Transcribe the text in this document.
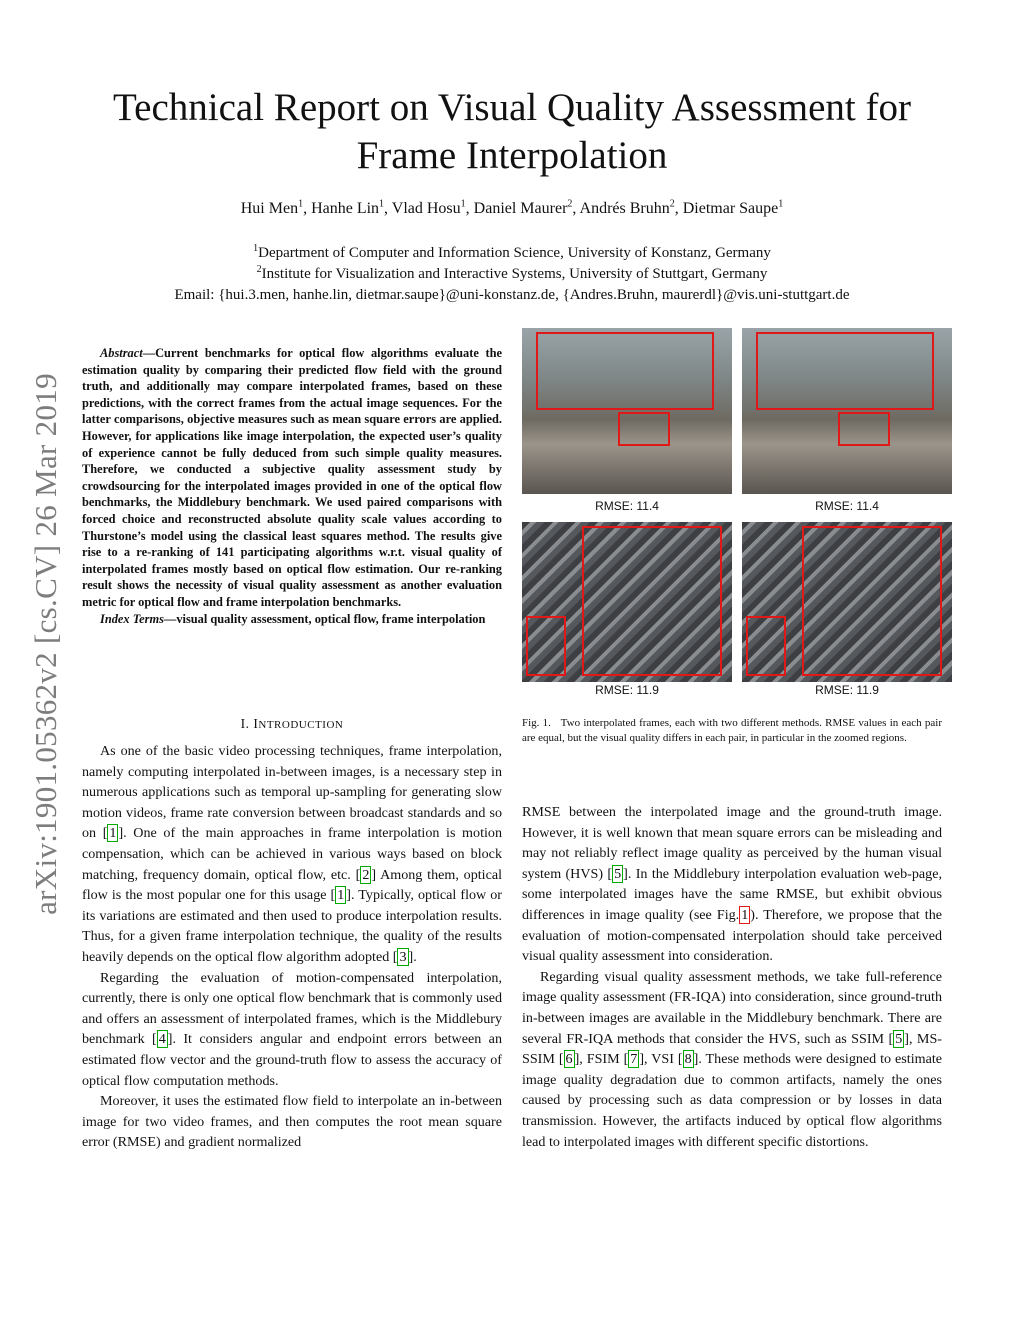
Technical Report on Visual Quality Assessment for
Frame Interpolation
Hui Men$^1$, Hanhe Lin$^1$, Vlad Hosu$^1$, Daniel Maurer$^2$, Andrés Bruhn$^2$, Dietmar Saupe$^1$
$^1$Department of Computer and Information Science, University of Konstanz, Germany
$^2$Institute for Visualization and Interactive Systems, University of Stuttgart, Germany
Email: {hui.3.men, hanhe.lin, dietmar.saupe}@uni-konstanz.de, {Andres.Bruhn, maurerdl}@vis.uni-stuttgart.de
arXiv:1901.05362v2 [cs.CV] 26 Mar 2019

Abstract—Current benchmarks for optical flow algorithms evaluate the estimation quality by comparing their predicted flow field with the ground truth, and additionally may compare interpolated frames, based on these predictions, with the correct frames from the actual image sequences. For the latter comparisons, objective measures such as mean square errors are applied. However, for applications like image interpolation, the expected user’s quality of experience cannot be fully deduced from such simple quality measures. Therefore, we conducted a subjective quality assessment study by crowdsourcing for the interpolated images provided in one of the optical flow benchmarks, the Middlebury benchmark. We used paired comparisons with forced choice and reconstructed absolute quality scale values according to Thurstone’s model using the classical least squares method. The results give rise to a re-ranking of 141 participating algorithms w.r.t. visual quality of interpolated frames mostly based on optical flow estimation. Our re-ranking result shows the necessity of visual quality assessment as another evaluation metric for optical flow and frame interpolation benchmarks.

Index Terms—visual quality assessment, optical flow, frame interpolation

I. INTRODUCTION

As one of the basic video processing techniques, frame interpolation, namely computing interpolated in-between images, is a necessary step in numerous applications such as temporal up-sampling for generating slow motion videos, frame rate conversion between broadcast standards and so on [ 1 ]. One of the main approaches in frame interpolation is motion compensation, which can be achieved in various ways based on block matching, frequency domain, optical flow, etc. [ 2 ] Among them, optical flow is the most popular one for this usage [ 1 ]. Typically, optical flow or its variations are estimated and then used to produce interpolation results. Thus, for a given frame interpolation technique, the quality of the results heavily depends on the optical flow algorithm adopted [ 3 ].

Regarding the evaluation of motion-compensated interpolation, currently, there is only one optical flow benchmark that is commonly used and offers an assessment of interpolated frames, which is the Middlebury benchmark [ 4 ]. It considers angular and endpoint errors between an estimated flow vector and the ground-truth flow to assess the accuracy of optical flow computation methods.

Moreover, it uses the estimated flow field to interpolate an in-between image for two video frames, and then computes the root mean square error (RMSE) and gradient normalized

RMSE: 11.4	RMSE: 11.4
RMSE: 11.9	RMSE: 11.9
Fig. 1. Two interpolated frames, each with two different methods. RMSE values in each pair are equal, but the visual quality differs in each pair, in particular in the zoomed regions.

RMSE between the interpolated image and the ground-truth image. However, it is well known that mean square errors can be misleading and may not reliably reflect image quality as perceived by the human visual system (HVS) [ 5 ]. In the Middlebury interpolation evaluation web-page, some interpolated images have the same RMSE, but exhibit obvious differences in image quality (see Fig. 1 ). Therefore, we propose that the evaluation of motion-compensated interpolation should take perceived visual quality assessment into consideration.

Regarding visual quality assessment methods, we take full-reference image quality assessment (FR-IQA) into consideration, since ground-truth in-between images are available in the Middlebury benchmark. There are several FR-IQA methods that consider the HVS, such as SSIM [ 5 ], MS-SSIM [ 6 ], FSIM [ 7 ], VSI [ 8 ]. These methods were designed to estimate image quality degradation due to common artifacts, namely the ones caused by processing such as data compression or by losses in data transmission. However, the artifacts induced by optical flow algorithms lead to interpolated images with different specific distortions.
